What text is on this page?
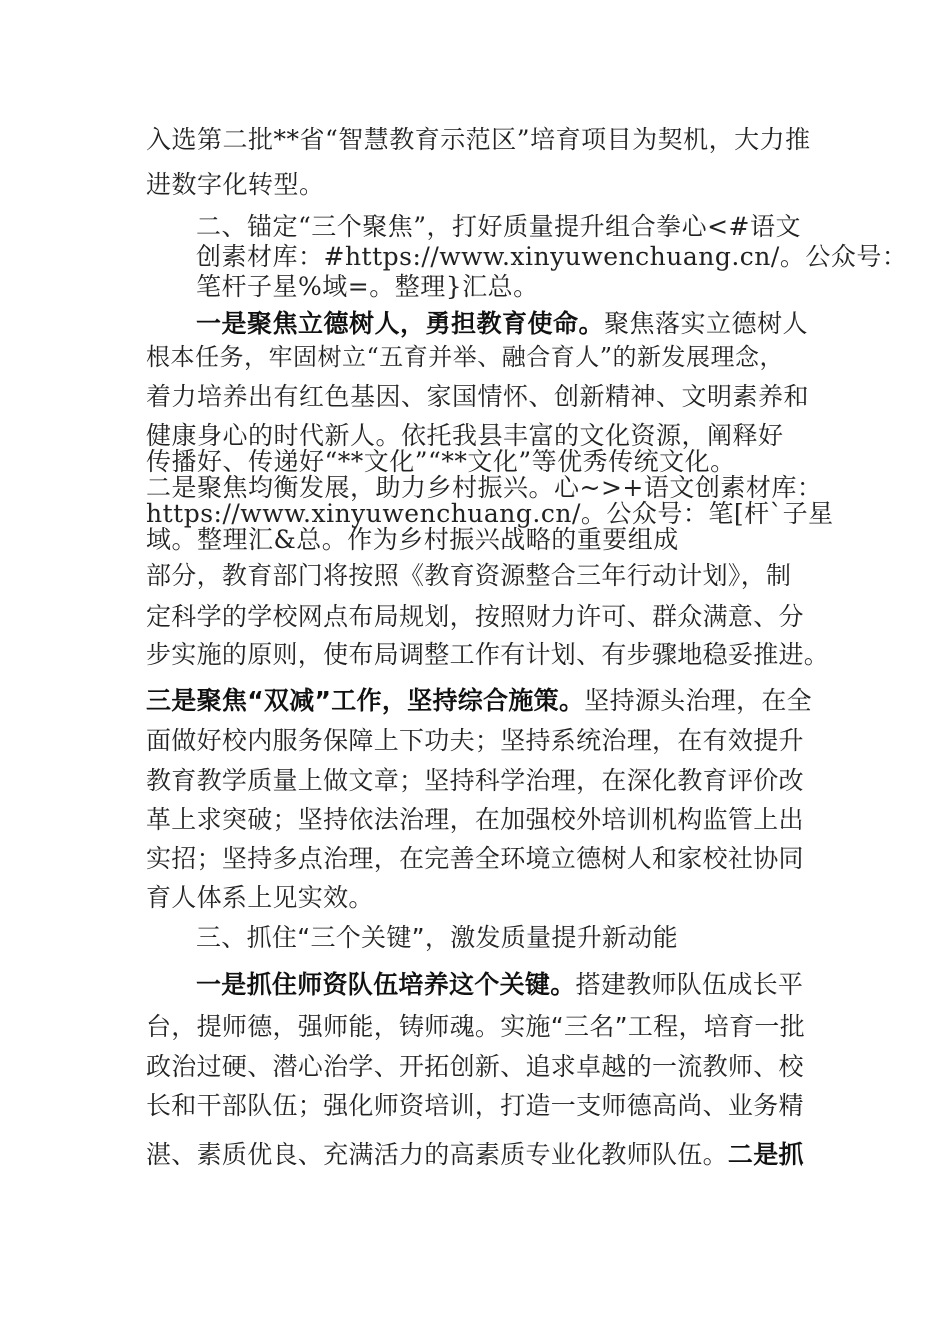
入选第二批**省“智慧教育示范区”培育项目为契机，大力推
进数字化转型。
二、锚定“三个聚焦”，打好质量提升组合拳心<#语文
创素材库：#https://www.xinyuwenchuang.cn/。公众号：
笔杆子星%域=。整理}汇总。
一是聚焦立德树人，勇担教育使命。聚焦落实立德树人
根本任务，牢固树立“五育并举、融合育人”的新发展理念，
着力培养出有红色基因、家国情怀、创新精神、文明素养和
健康身心的时代新人。依托我县丰富的文化资源，阐释好
传播好、传递好“**文化”“**文化”等优秀传统文化。
二是聚焦均衡发展，助力乡村振兴。心~>+语文创素材库：
https://www.xinyuwenchuang.cn/。公众号：笔[杆`子星
域。整理汇&总。作为乡村振兴战略的重要组成
部分，教育部门将按照《教育资源整合三年行动计划》，制
定科学的学校网点布局规划，按照财力许可、群众满意、分
步实施的原则，使布局调整工作有计划、有步骤地稳妥推进。
三是聚焦“双减”工作，坚持综合施策。坚持源头治理，在全
面做好校内服务保障上下功夫；坚持系统治理，在有效提升
教育教学质量上做文章；坚持科学治理，在深化教育评价改
革上求突破；坚持依法治理，在加强校外培训机构监管上出
实招；坚持多点治理，在完善全环境立德树人和家校社协同
育人体系上见实效。
三、抓住“三个关键”，激发质量提升新动能
一是抓住师资队伍培养这个关键。搭建教师队伍成长平
台，提师德，强师能，铸师魂。实施“三名”工程，培育一批
政治过硬、潜心治学、开拓创新、追求卓越的一流教师、校
长和干部队伍；强化师资培训，打造一支师德高尚、业务精
湛、素质优良、充满活力的高素质专业化教师队伍。二是抓
